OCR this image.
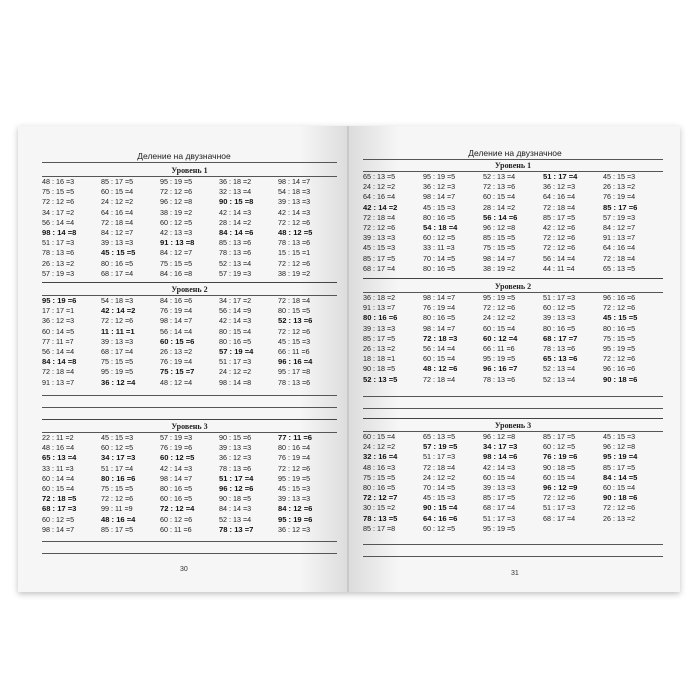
Деление на двузначное
Уровень 1
48 : 16 =3	85 : 17 =5	95 : 19 =5	36 : 18 =2	98 : 14 =7
75 : 15 =5	60 : 15 =4	72 : 12 =6	32 : 13 =4	54 : 18 =3
72 : 12 =6	24 : 12 =2	96 : 12 =8	90 : 15 =8	39 : 13 =3
34 : 17 =2	64 : 16 =4	38 : 19 =2	42 : 14 =3	42 : 14 =3
56 : 14 =4	72 : 18 =4	60 : 12 =5	28 : 14 =2	72 : 12 =6
98 : 14 =8	84 : 12 =7	42 : 13 =3	84 : 14 =6	48 : 12 =5
51 : 17 =3	39 : 13 =3	91 : 13 =8	85 : 13 =6	78 : 13 =6
78 : 13 =6	45 : 15 =5	84 : 12 =7	78 : 13 =6	15 : 15 =1
26 : 13 =2	80 : 16 =5	75 : 15 =5	52 : 13 =4	72 : 12 =6
57 : 19 =3	68 : 17 =4	84 : 16 =8	57 : 19 =3	38 : 19 =2
Уровень 2
95 : 19 =6	54 : 18 =3	84 : 16 =6	34 : 17 =2	72 : 18 =4
17 : 17 =1	42 : 14 =2	76 : 19 =4	56 : 14 =9	80 : 15 =5
36 : 12 =3	72 : 12 =6	98 : 14 =7	42 : 14 =3	52 : 13 =6
60 : 14 =5	11 : 11 =1	56 : 14 =4	80 : 15 =4	72 : 12 =6
77 : 11 =7	39 : 13 =3	60 : 15 =6	80 : 16 =5	45 : 15 =3
56 : 14 =4	68 : 17 =4	26 : 13 =2	57 : 19 =4	66 : 11 =6
84 : 14 =8	75 : 15 =5	76 : 19 =4	51 : 17 =3	96 : 16 =4
72 : 18 =4	95 : 19 =5	75 : 15 =7	24 : 12 =2	95 : 17 =8
91 : 13 =7	36 : 12 =4	48 : 12 =4	98 : 14 =8	78 : 13 =6
Уровень 3
22 : 11 =2	45 : 15 =3	57 : 19 =3	90 : 15 =6	77 : 11 =6
48 : 16 =4	60 : 12 =5	76 : 19 =6	39 : 13 =3	80 : 16 =4
65 : 13 =4	34 : 17 =3	60 : 12 =5	36 : 12 =3	76 : 19 =4
33 : 11 =3	51 : 17 =4	42 : 14 =3	78 : 13 =6	72 : 12 =6
60 : 14 =4	80 : 16 =6	98 : 14 =7	51 : 17 =4	95 : 19 =5
60 : 15 =4	75 : 15 =5	80 : 16 =5	96 : 12 =6	45 : 15 =3
72 : 18 =5	72 : 12 =6	60 : 16 =5	90 : 18 =5	39 : 13 =3
68 : 17 =3	99 : 11 =9	72 : 12 =4	84 : 14 =3	84 : 12 =6
60 : 12 =5	48 : 16 =4	60 : 12 =6	52 : 13 =4	95 : 19 =6
98 : 14 =7	85 : 17 =5	60 : 11 =6	78 : 13 =7	36 : 12 =3
30
Деление на двузначное
Уровень 1
65 : 13 =5	95 : 19 =5	52 : 13 =4	51 : 17 =4	45 : 15 =3
24 : 12 =2	36 : 12 =3	72 : 13 =6	36 : 12 =3	26 : 13 =2
64 : 16 =4	98 : 14 =7	60 : 15 =4	64 : 16 =4	76 : 19 =4
42 : 14 =2	45 : 15 =3	28 : 14 =2	72 : 18 =4	85 : 17 =6
72 : 18 =4	80 : 16 =5	56 : 14 =6	85 : 17 =5	57 : 19 =3
72 : 12 =6	54 : 18 =4	96 : 12 =8	42 : 12 =6	84 : 12 =7
39 : 13 =3	60 : 12 =5	85 : 15 =5	72 : 12 =6	91 : 13 =7
45 : 15 =3	33 : 11 =3	75 : 15 =5	72 : 12 =6	64 : 16 =4
85 : 17 =5	70 : 14 =5	98 : 14 =7	56 : 14 =4	72 : 18 =4
68 : 17 =4	80 : 16 =5	38 : 19 =2	44 : 11 =4	65 : 13 =5
Уровень 2
36 : 18 =2	98 : 14 =7	95 : 19 =5	51 : 17 =3	96 : 16 =6
91 : 13 =7	76 : 19 =4	72 : 12 =6	60 : 12 =5	72 : 12 =6
80 : 16 =6	80 : 16 =5	24 : 12 =2	39 : 13 =3	45 : 15 =5
39 : 13 =3	98 : 14 =7	60 : 15 =4	80 : 16 =5	80 : 16 =5
85 : 17 =5	72 : 18 =3	60 : 12 =4	68 : 17 =7	75 : 15 =5
26 : 13 =2	56 : 14 =4	66 : 11 =6	78 : 13 =6	95 : 19 =5
18 : 18 =1	60 : 15 =4	95 : 19 =5	65 : 13 =6	72 : 12 =6
90 : 18 =5	48 : 12 =6	96 : 16 =7	52 : 13 =4	96 : 16 =6
52 : 13 =5	72 : 18 =4	78 : 13 =6	52 : 13 =4	90 : 18 =6
Уровень 3
60 : 15 =4	65 : 13 =5	96 : 12 =8	85 : 17 =5	45 : 15 =3
24 : 12 =2	57 : 19 =5	34 : 17 =3	60 : 12 =5	96 : 12 =8
32 : 16 =4	51 : 17 =3	98 : 14 =6	76 : 19 =6	95 : 19 =4
48 : 16 =3	72 : 18 =4	42 : 14 =3	90 : 18 =5	85 : 17 =5
75 : 15 =5	24 : 12 =2	60 : 15 =4	60 : 15 =4	84 : 14 =5
80 : 16 =5	70 : 14 =5	39 : 13 =3	96 : 12 =9	60 : 15 =4
72 : 12 =7	45 : 15 =3	85 : 17 =5	72 : 12 =6	90 : 18 =6
30 : 15 =2	90 : 15 =4	68 : 17 =4	51 : 17 =3	72 : 12 =6
78 : 13 =5	64 : 16 =6	51 : 17 =3	68 : 17 =4	26 : 13 =2
85 : 17 =8	60 : 12 =5	95 : 19 =5
31
